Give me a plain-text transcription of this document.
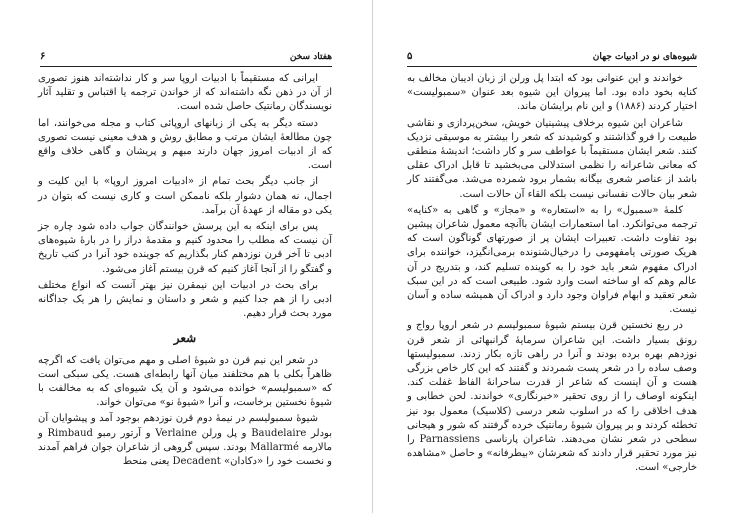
هفتاد سخن
۶

ایرانی که مستقیماً با ادبیات اروپا سر و کار نداشته‌اند هنوز تصوری از آن در ذهن نگه داشته‌اند که از خواندن ترجمه یا اقتباس و تقلید آثار نویسندگان رمانتیک حاصل شده است.

دسته دیگر به یکی از زبانهای اروپائی کتاب و مجله می‌خوانند، اما چون مطالعهٔ ایشان مرتب و مطابق روش و هدف معینی نیست تصوری که از ادبیات امروز جهان دارند مبهم و پریشان و گاهی خلاف واقع است.

از جانب دیگر بحث تمام از «ادبیات امروز اروپا» با این کلیت و اجمال، نه همان دشوار بلکه ناممکن است و کاری نیست که بتوان در یکی دو مقاله از عهدهٔ آن برآمد.

پس برای اینکه به این پرسش خوانندگان جواب داده شود چاره جز آن نیست که مطلب را محدود کنیم و مقدمهٔ دراز را در بارهٔ شیوه‌های ادبی تا آخر قرن نوزدهم کنار بگذاریم که جوینده خود آنرا در کتب تاریخ و گفتگو را از آنجا آغاز کنیم که قرن بیستم آغاز می‌شود.

برای بحث در ادبیات این نیمقرن نیز بهتر آنست که انواع مختلف ادبی را از هم جدا کنیم و شعر و داستان و نمایش را هر یک جداگانه مورد بحث قرار دهیم.

شعر

در شعر این نیم قرن دو شیوهٔ اصلی و مهم می‌توان یافت که اگرچه ظاهراً بکلی با هم مختلفند میان آنها رابطه‌ای هست. یکی سبکی است که «سمبولیسم» خوانده می‌شود و آن یک شیوه‌ای که به مخالفت با شیوهٔ نخستین برخاست، و آنرا «شیوهٔ نو» می‌توان خواند.

شیوهٔ سمبولیسم در نیمهٔ دوم قرن نوزدهم بوجود آمد و پیشوایان آن بودلر Baudelaire و پل ورلن Verlaine و آرتور رمبو Rimbaud و مالارمه Mallarmé بودند. سپس گروهی از شاعران جوان فراهم آمدند و نخست خود را «دکادان» Decadent یعنی منحط

شیوه‌های نو در ادبیات جهان
۵

خواندند و این عنوانی بود که ابتدا پل ورلن از زبان ادیبان مخالف به کنایه بخود داده بود. اما پیروان این شیوه بعد عنوان «سمبولیست» اختیار کردند (۱۸۸۶) و این نام برایشان ماند.

شاعران این شیوه برخلاف پیشینیان خویش، سخن‌پردازی و نقاشی طبیعت را فرو گذاشتند و کوشیدند که شعر را بیشتر به موسیقی نزدیک کنند. شعر ایشان مستقیماً با عواطف سر و کار داشت؛ اندیشهٔ منطقی که معانی شاعرانه را نظمی استدلالی می‌بخشید تا قابل ادراک عقلی باشد از عناصر شعری بیگانه بشمار برود شمرده می‌شد. می‌گفتند کار شعر بیان حالات نفسانی نیست بلکه القاء آن حالات است.

کلمهٔ «سمبول» را به «استعاره» و «مجاز» و گاهی به «کنایه» ترجمه می‌توانکرد. اما استعمارات ایشان باآنچه معمول شاعران پیشین بود تفاوت داشت. تعبیرات ایشان پر از صورتهای گوناگون است که هریک صورتی یامفهومی را درخیال‌شنونده برمی‌انگیزد، خواننده برای ادراک مفهوم شعر باید خود را به کوینده تسلیم کند، و بتدریج در آن عالم وهم که او ساخته است وارد شود. طبیعی است که در این سبک شعر تعقید و ابهام فراوان وجود دارد و ادراک آن همیشه ساده و آسان نیست.

در ربع نخستین قرن بیستم شیوهٔ سمبولیسم در شعر اروپا رواج و رونق بسیار داشت. این شاعران سرمایهٔ گرانبهائی از شعر قرن نوزدهم بهره برده بودند و آنرا در راهی تازه بکار زدند. سمبولیستها وصف ساده را در شعر پست شمردند و گفتند که این کار خاص بزرگی هست و آن اینست که شاعر از قدرت ساحرانهٔ الفاظ غفلت کند. اینکونه اوصاف را از روی تحقیر «خبرنگاری» خواندند. لحن خطابی و هدف اخلاقی را که در اسلوب شعر درسی (کلاسیک) معمول بود نیز تخطئه کردند و بر پیروان شیوهٔ رمانتیک خرده گرفتند که شور و هیجانی سطحی در شعر نشان می‌دهند. شاعران پارناسی Parnassiens را نیز مورد تحقیر قرار دادند که شعرشان «بیطرفانه» و حاصل «مشاهده خارجی» است.
